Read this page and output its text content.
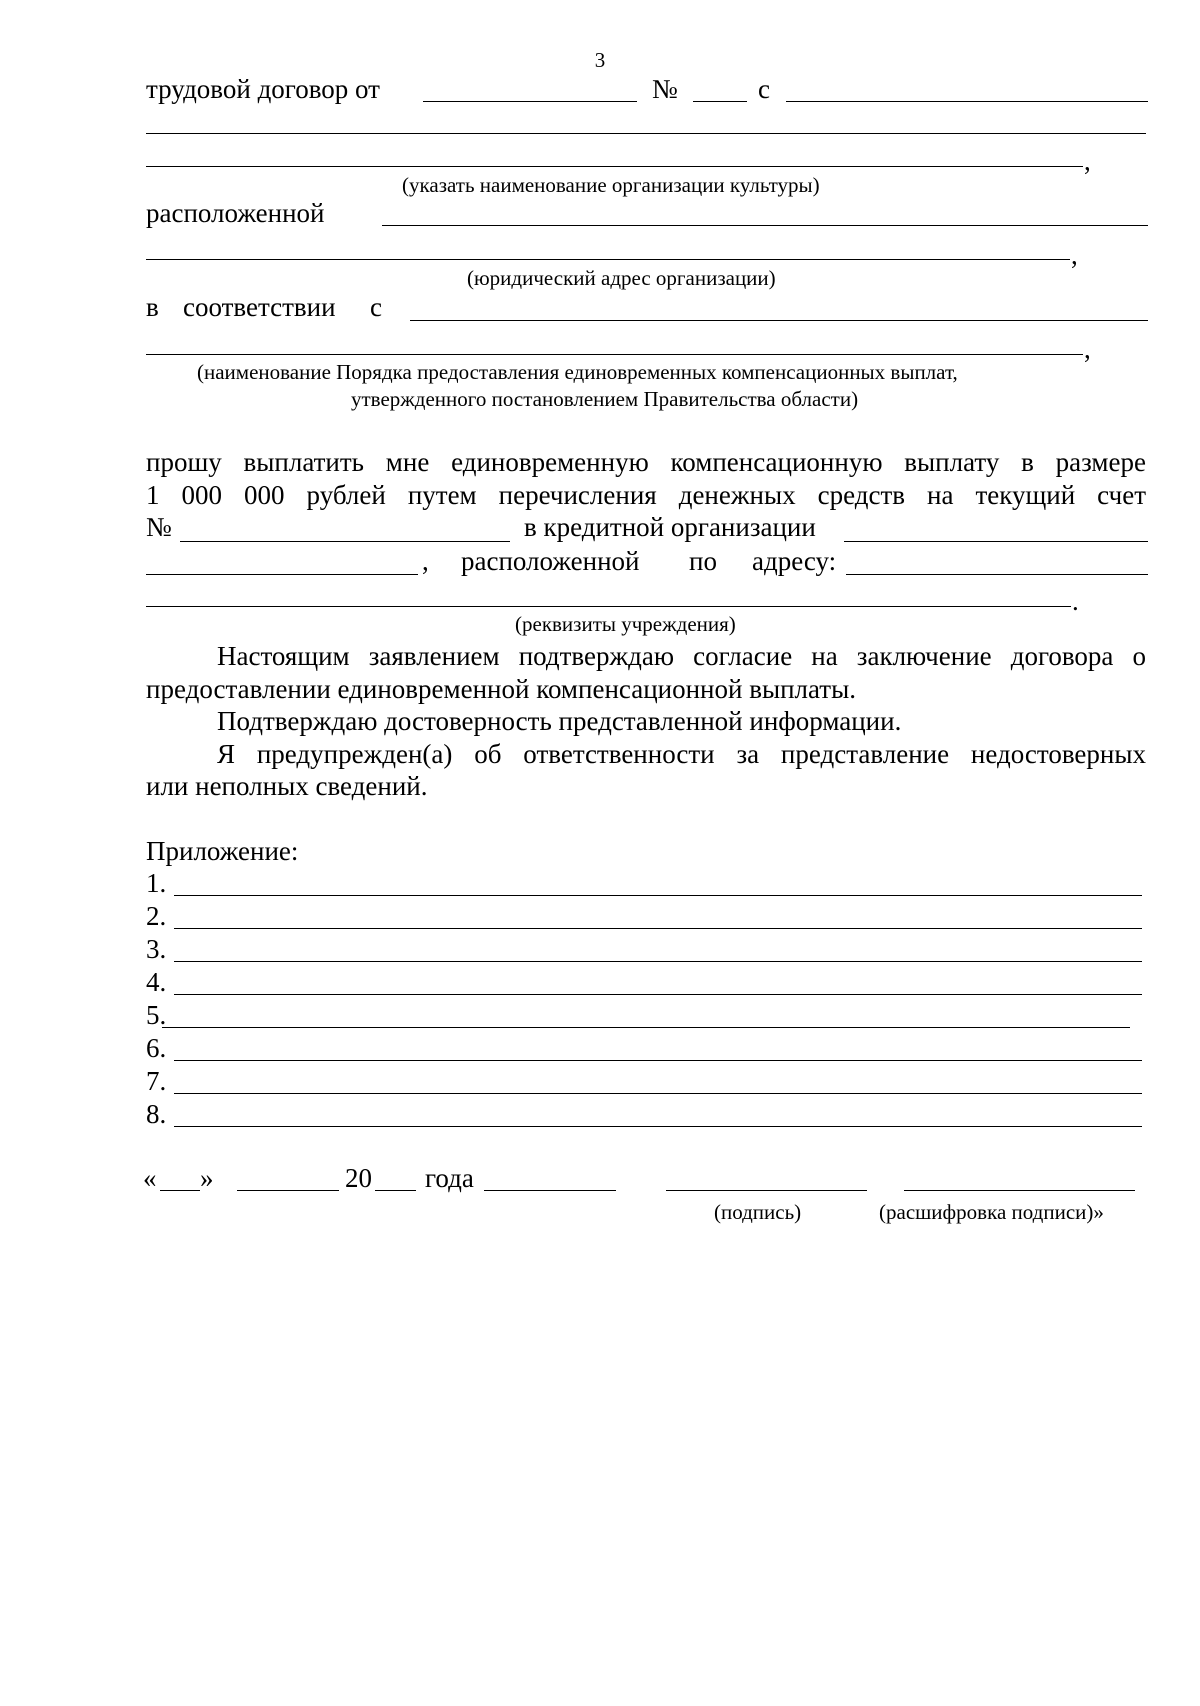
3
трудовой договор от	№	с
,
(указать наименование организации культуры)
расположенной
,
(юридический адрес организации)
в соответствии с
,
(наименование Порядка предоставления единовременных компенсационных выплат,
утвержденного постановлением Правительства области)
прошу выплатить мне единовременную компенсационную выплату в размере
1 000 000 рублей путем перечисления денежных средств на текущий счет
№	в кредитной организации
, расположенной по адресу:
.
(реквизиты учреждения)
Настоящим заявлением подтверждаю согласие на заключение договора о
предоставлении единовременной компенсационной выплаты.
Подтверждаю достоверность представленной информации.
Я предупрежден(а) об ответственности за представление недостоверных
или неполных сведений.
Приложение:
1.
2.
3.
4.
5.
6.
7.
8.
« »	20 года
(подпись)	(расшифровка подписи)»
